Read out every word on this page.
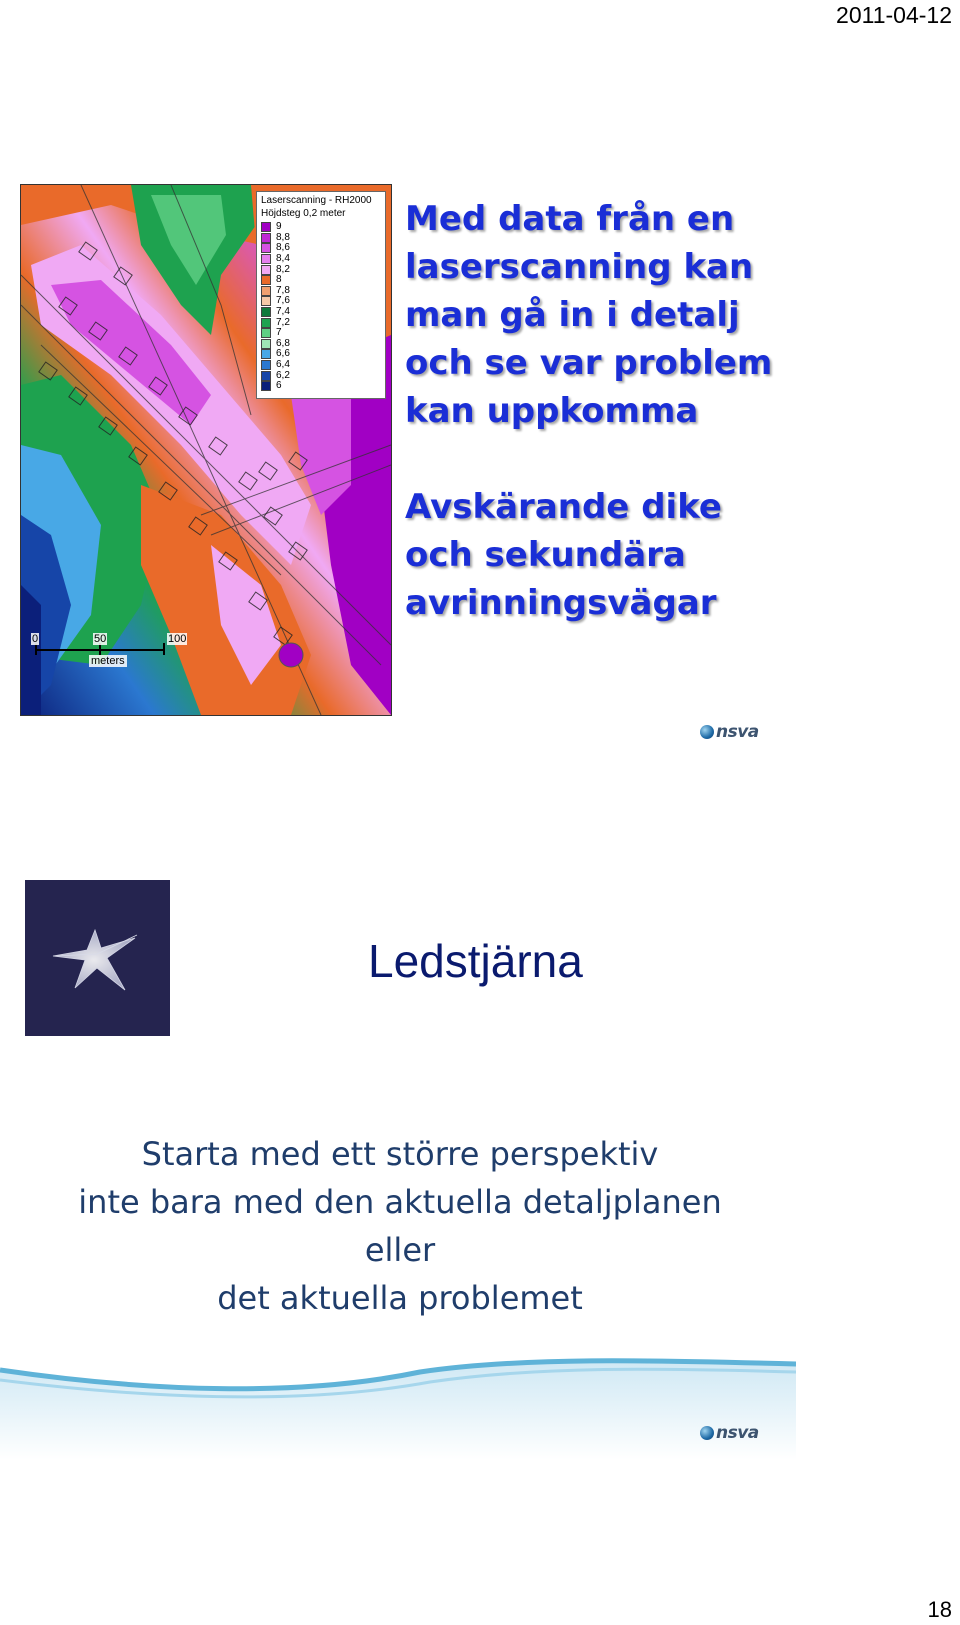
2011-04-12
Laserscanning - RH2000
Höjdsteg 0,2 meter
9
8,8
8,6
8,4
8,2
8
7,8
7,6
7,4
7,2
7
6,8
6,6
6,4
6,2
6
0	50	100
meters

Med data från en

laserscanning kan

man gå in i detalj

och se var problem

kan uppkomma

Avskärande dike

och sekundära

avrinningsvägar

nsva
Ledstjärna
Starta med ett större perspektiv
inte bara med den aktuella detaljplanen
eller
det aktuella problemet
nsva
18
